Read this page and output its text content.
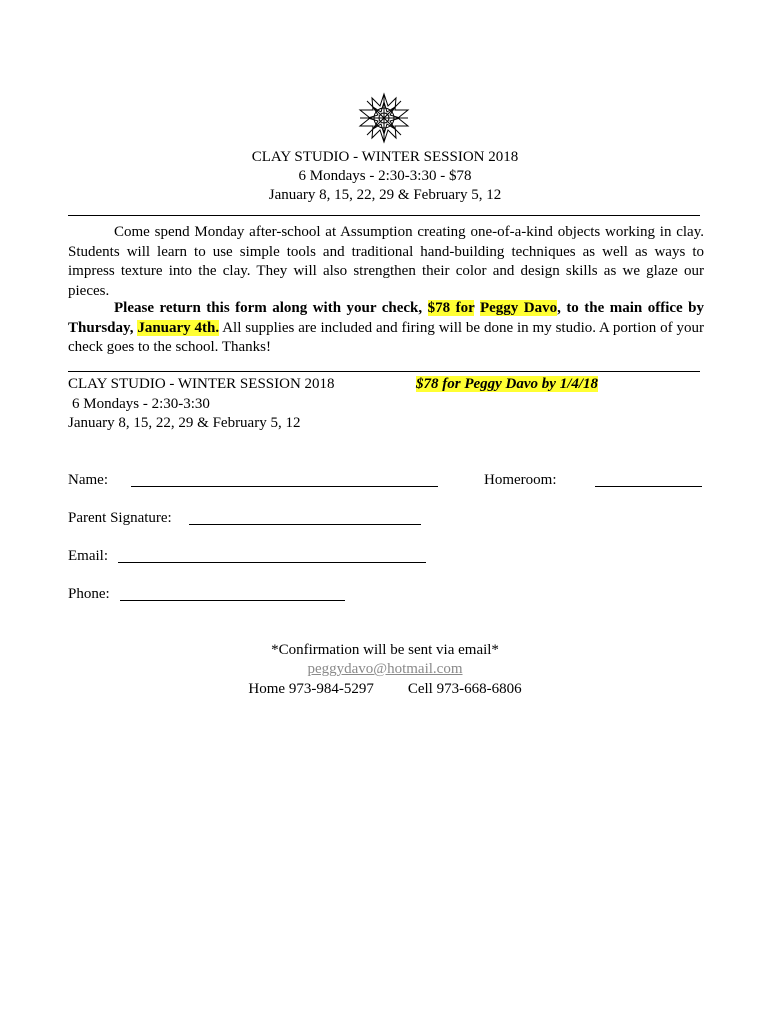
CLAY STUDIO - WINTER SESSION 2018
6 Mondays - 2:30-3:30 - $78
January 8, 15, 22, 29 & February 5, 12
Come spend Monday after-school at Assumption creating one-of-a-kind objects working in clay. Students will learn to use simple tools and traditional hand-building techniques as well as ways to impress texture into the clay. They will also strengthen their color and design skills as we glaze our pieces.
Please return this form along with your check, $78 for Peggy Davo, to the main office by Thursday, January 4th. All supplies are included and firing will be done in my studio. A portion of your check goes to the school. Thanks!
CLAY STUDIO - WINTER SESSION 2018	$78 for Peggy Davo by 1/4/18
6 Mondays - 2:30-3:30
January 8, 15, 22, 29 & February 5, 12
Name:	Homeroom:
Parent Signature:
Email:
Phone:
*Confirmation will be sent via email*
peggydavo@hotmail.com
Home 973-984-5297 Cell 973-668-6806
